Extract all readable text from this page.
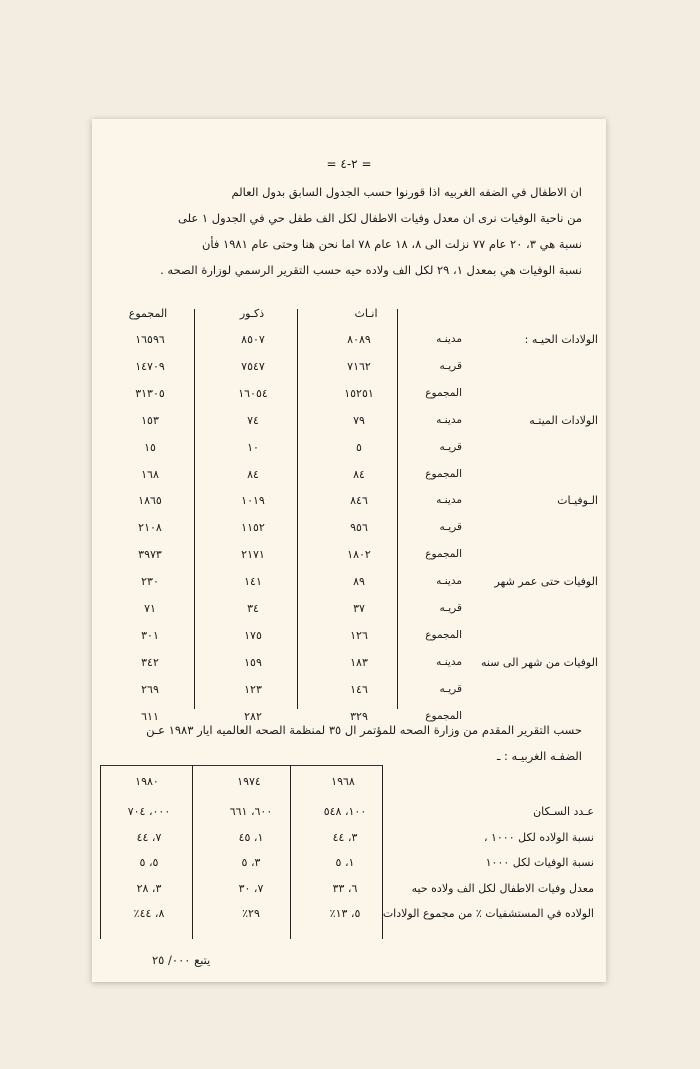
= ٢-٤ =
ان الاطفال في الضفه الغربيه اذا قورنوا حسب الجدول السابق بدول العالم
من ناحية الوفيات نرى ان معدل وفيات الاطفال لكل الف طفل حي في الجدول ١ على
نسبة هي ٣، ٢٠ عام ٧٧ نزلت الى ٨، ١٨ عام ٧٨ اما نحن هنا وحتى عام ١٩٨١ فأن
نسبة الوفيات هي بمعدل ١، ٢٩ لكل الف ولاده حيه حسب التقرير الرسمي لوزارة الصحه .
انـاث
ذكـور
المجموع
مدينـه
٨٠٨٩
٨٥٠٧
١٦٥٩٦
قريـه
٧١٦٢
٧٥٤٧
١٤٧٠٩
المجموع
١٥٢٥١
١٦٠٥٤
٣١٣٠٥
الولادات الحيـه :
مدينـه
٧٩
٧٤
١٥٣
قريـه
٥
١٠
١٥
المجموع
٨٤
٨٤
١٦٨
الولادات الميتـه
مدينـه
٨٤٦
١٠١٩
١٨٦٥
قريـه
٩٥٦
١١٥٢
٢١٠٨
المجموع
١٨٠٢
٢١٧١
٣٩٧٣
الـوفيـات
مدينـه
٨٩
١٤١
٢٣٠
قريـه
٣٧
٣٤
٧١
المجموع
١٢٦
١٧٥
٣٠١
الوفيات حتى عمر شهر
مدينـه
١٨٣
١٥٩
٣٤٢
قريـه
١٤٦
١٢٣
٢٦٩
المجموع
٣٢٩
٢٨٢
٦١١
الوفيات من شهر الى سنه
حسب التقرير المقدم من وزارة الصحه للمؤتمر ال ٣٥ لمنظمة الصحه العالميه ايار ١٩٨٣ عـن
الضفـه الغربيـه : ـ
١٩٦٨
١٩٧٤
١٩٨٠
عـدد السـكان
١٠٠، ٥٤٨
٦٠٠، ٦٦١
٠٠٠، ٧٠٤
نسبة الولاده لكل ١٠٠٠ ،
٣، ٤٤
١، ٤٥
٧، ٤٤
نسبة الوفيات لكل ١٠٠٠
١، ٥
٣، ٥
٥، ٥
معدل وفيات الاطفال لكل الف ولاده حيه
٦، ٣٣
٧، ٣٠
٣، ٢٨
الولاده في المستشفيات ٪ من مجموع الولادات
٥، ١٣٪
٢٩٪
٨، ٤٤٪
يتبع ٠٠٠/ ٢٥
